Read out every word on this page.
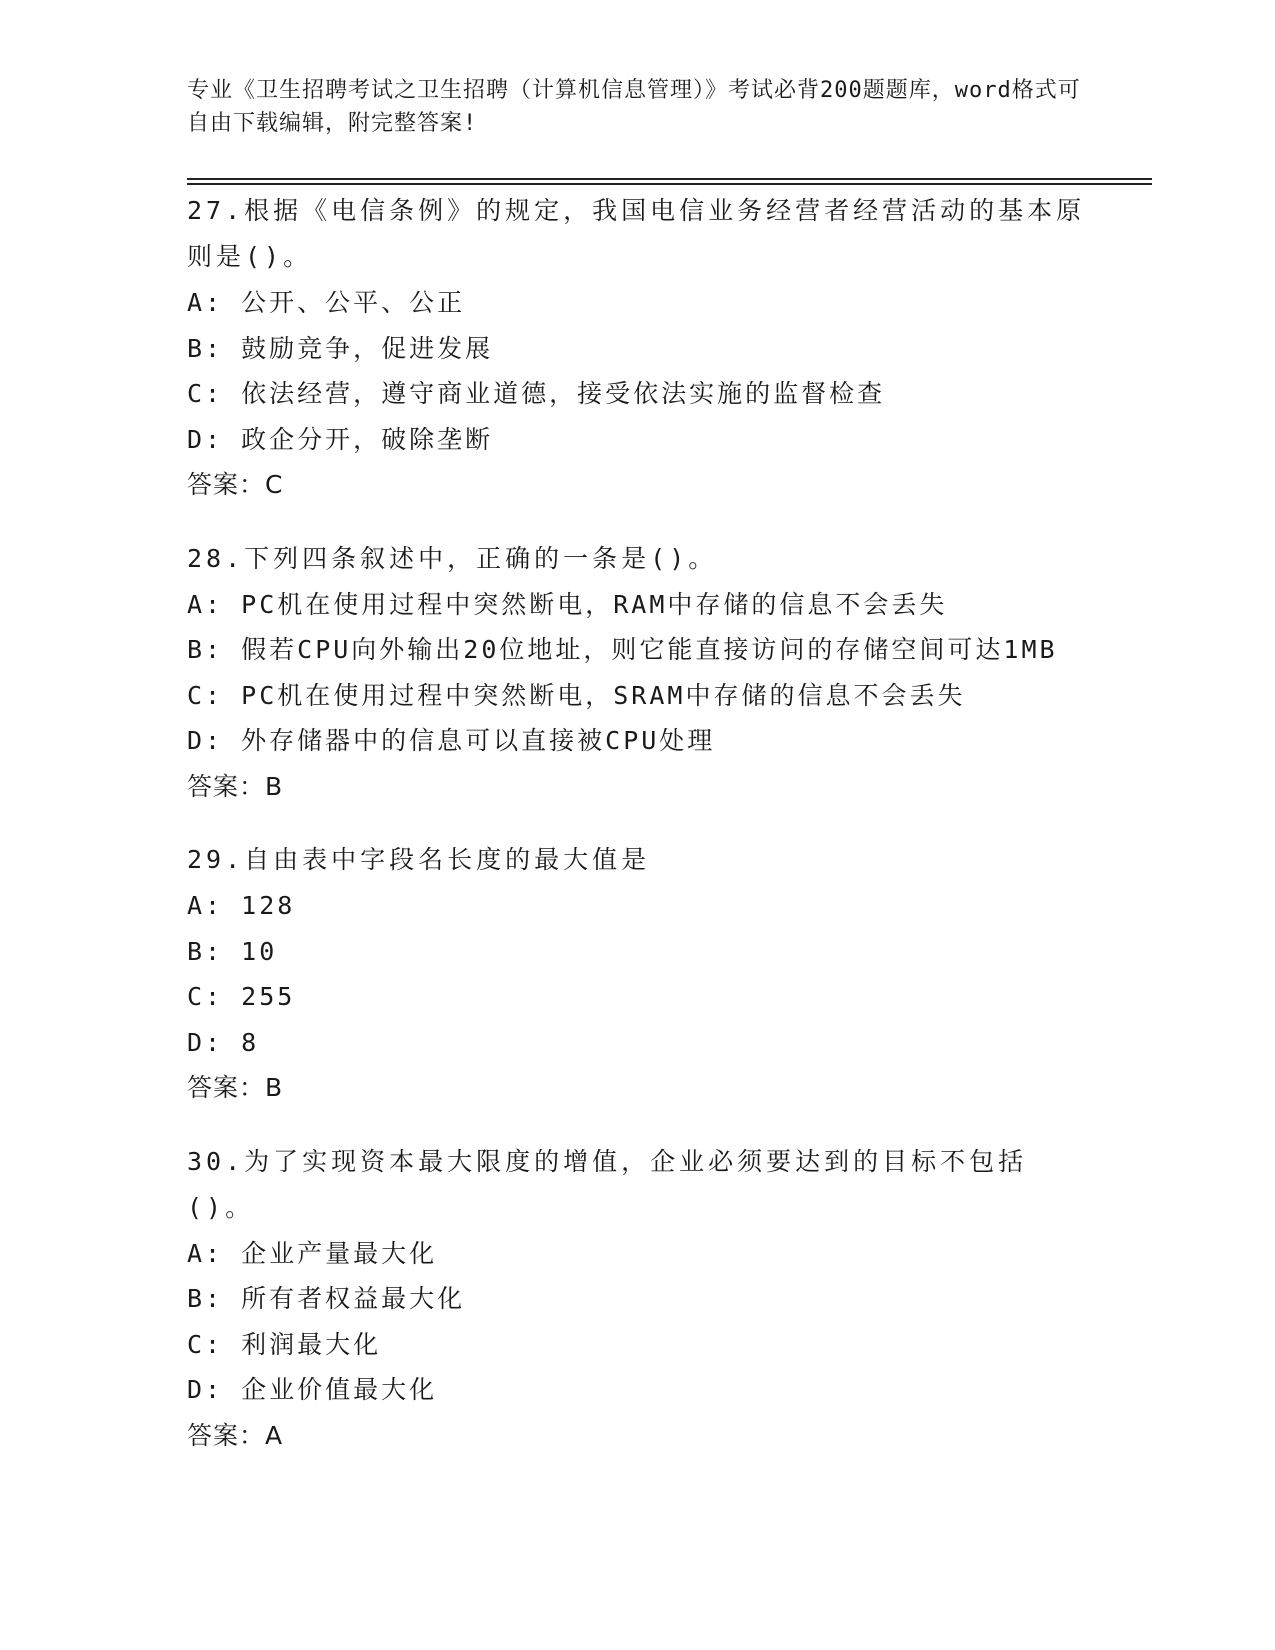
专业《卫生招聘考试之卫生招聘（计算机信息管理）》考试必背200题题库，word格式可自由下载编辑，附完整答案!
27.根据《电信条例》的规定，我国电信业务经营者经营活动的基本原则是()。
A: 公开、公平、公正
B: 鼓励竞争，促进发展
C: 依法经营，遵守商业道德，接受依法实施的监督检查
D: 政企分开，破除垄断
答案：C
28.下列四条叙述中，正确的一条是()。
A: PC机在使用过程中突然断电，RAM中存储的信息不会丢失
B: 假若CPU向外输出20位地址，则它能直接访问的存储空间可达1MB
C: PC机在使用过程中突然断电，SRAM中存储的信息不会丢失
D: 外存储器中的信息可以直接被CPU处理
答案：B
29.自由表中字段名长度的最大值是
A: 128
B: 10
C: 255
D: 8
答案：B
30.为了实现资本最大限度的增值，企业必须要达到的目标不包括()。
A: 企业产量最大化
B: 所有者权益最大化
C: 利润最大化
D: 企业价值最大化
答案：A
